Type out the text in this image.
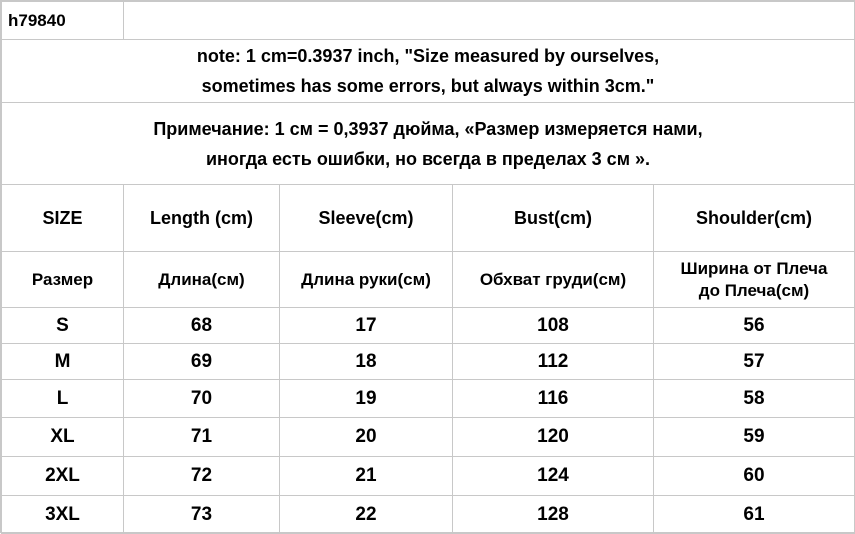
h79840				

note: 1 cm=0.3937 inch, "Size measured by ourselves,
sometimes has some errors, but always within 3cm."				

Примечание: 1 см = 0,3937 дюйма, «Размер измеряется нами,
иногда есть ошибки, но всегда в пределах 3 см ».				

SIZE	Length (cm)	Sleeve(cm)	Bust(cm)	Shoulder(cm)
Размер	Длина(см)	Длина руки(см)	Обхват груди(см)	Ширина от Плеча
до Плеча(см)

S	68	17	108	56
M	69	18	112	57
L	70	19	116	58
XL	71	20	120	59
2XL	72	21	124	60
3XL	73	22	128	61
